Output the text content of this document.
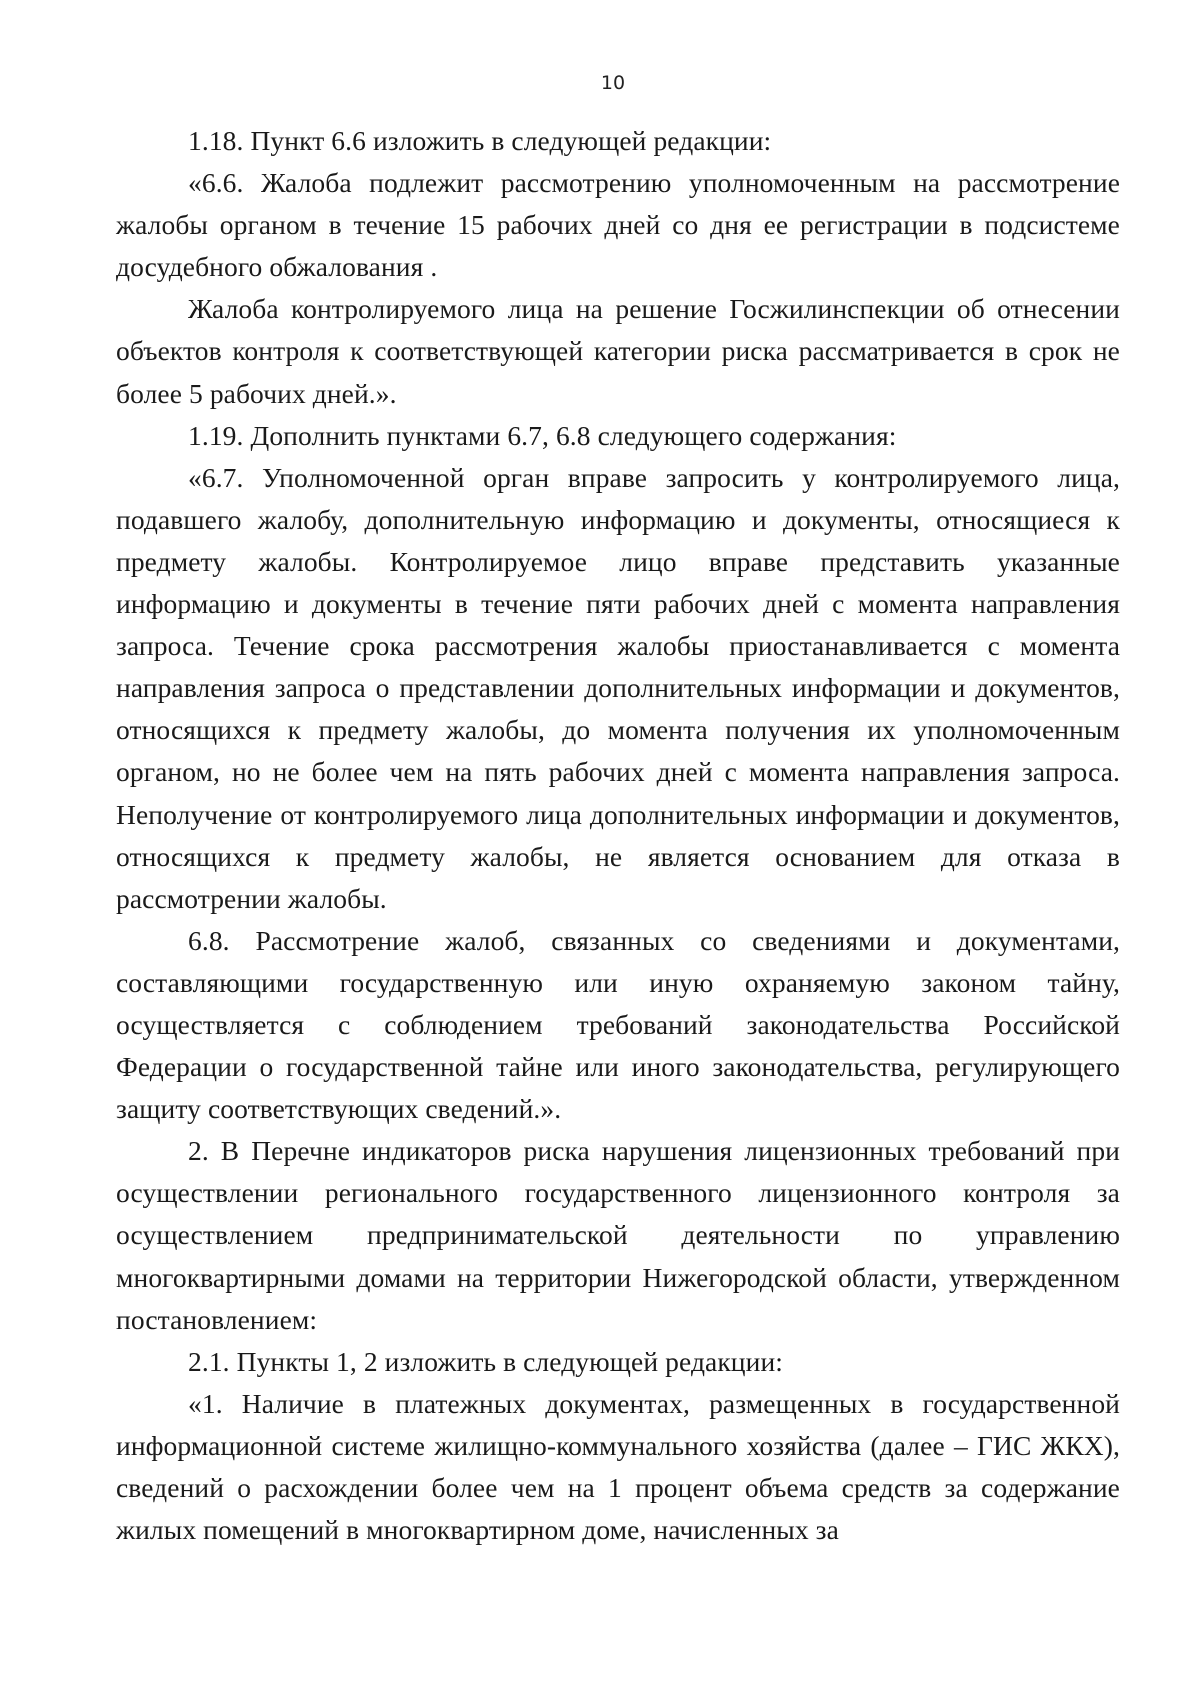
10

1.18. Пункт 6.6 изложить в следующей редакции:

«6.6. Жалоба подлежит рассмотрению уполномоченным на рассмотрение жалобы органом в течение 15 рабочих дней со дня ее регистрации в подсистеме досудебного обжалования .

Жалоба контролируемого лица на решение Госжилинспекции об отнесении объектов контроля к соответствующей категории риска рассматривается в срок не более 5 рабочих дней.».

1.19. Дополнить пунктами 6.7, 6.8 следующего содержания:

«6.7. Уполномоченной орган вправе запросить у контролируемого лица, подавшего жалобу, дополнительную информацию и документы, относящиеся к предмету жалобы. Контролируемое лицо вправе представить указанные информацию и документы в течение пяти рабочих дней с момента направления запроса. Течение срока рассмотрения жалобы приостанавливается с момента направления запроса о представлении дополнительных информации и документов, относящихся к предмету жалобы, до момента получения их уполномоченным органом, но не более чем на пять рабочих дней с момента направления запроса. Неполучение от контролируемого лица дополнительных информации и документов, относящихся к предмету жалобы, не является основанием для отказа в рассмотрении жалобы.

6.8. Рассмотрение жалоб, связанных со сведениями и документами, составляющими государственную или иную охраняемую законом тайну, осуществляется с соблюдением требований законодательства Российской Федерации о государственной тайне или иного законодательства, регулирующего защиту соответствующих сведений.».

2. В Перечне индикаторов риска нарушения лицензионных требований при осуществлении регионального государственного лицензионного контроля за осуществлением предпринимательской деятельности по управлению многоквартирными домами на территории Нижегородской области, утвержденном постановлением:

2.1. Пункты 1, 2 изложить в следующей редакции:

«1. Наличие в платежных документах, размещенных в государственной информационной системе жилищно-коммунального хозяйства (далее – ГИС ЖКХ), сведений о расхождении более чем на 1 процент объема средств за содержание жилых помещений в многоквартирном доме, начисленных за
